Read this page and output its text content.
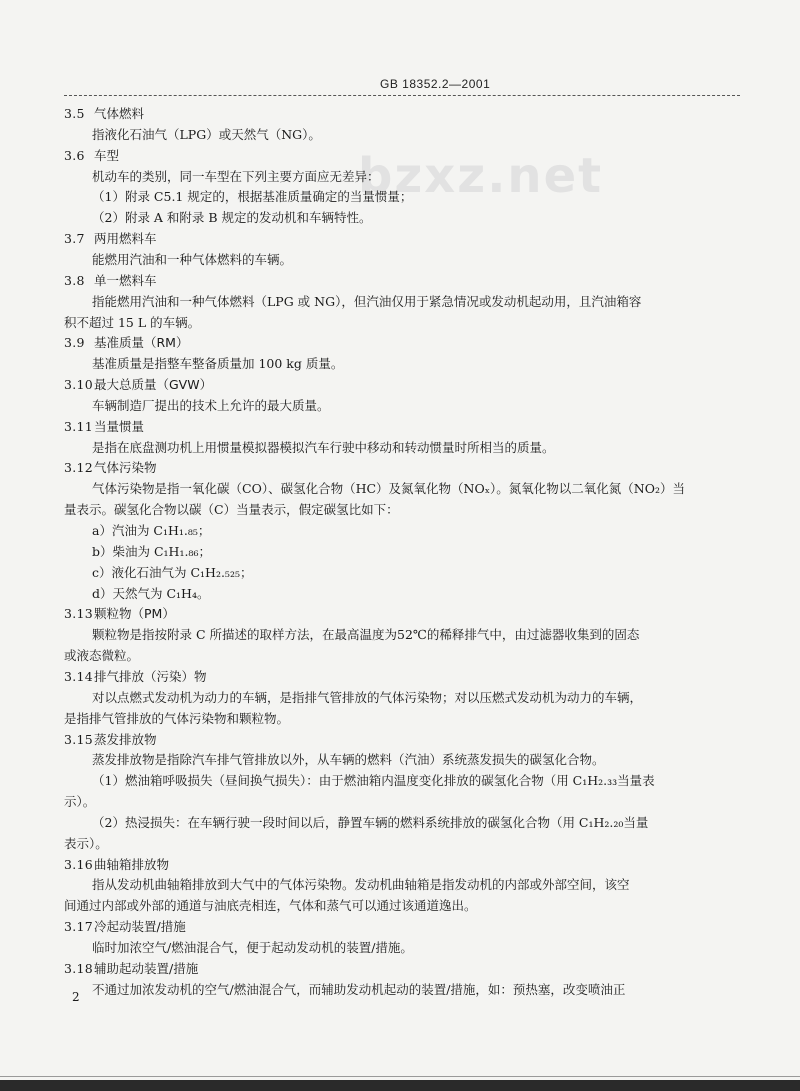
GB 18352.2—2001
bzxz.net
3.5 气体燃料
指液化石油气（LPG）或天然气（NG）。
3.6 车型
机动车的类别，同一车型在下列主要方面应无差异：
（1）附录 C5.1 规定的，根据基准质量确定的当量惯量；
（2）附录 A 和附录 B 规定的发动机和车辆特性。
3.7 两用燃料车
能燃用汽油和一种气体燃料的车辆。
3.8 单一燃料车
指能燃用汽油和一种气体燃料（LPG 或 NG），但汽油仅用于紧急情况或发动机起动用，且汽油箱容
积不超过 15 L 的车辆。
3.9 基准质量（RM）
基准质量是指整车整备质量加 100 kg 质量。
3.10最大总质量（GVW）
车辆制造厂提出的技术上允许的最大质量。
3.11当量惯量
是指在底盘测功机上用惯量模拟器模拟汽车行驶中移动和转动惯量时所相当的质量。
3.12气体污染物
气体污染物是指一氧化碳（CO）、碳氢化合物（HC）及氮氧化物（NOₓ）。氮氧化物以二氧化氮（NO₂）当
量表示。碳氢化合物以碳（C）当量表示，假定碳氢比如下：
a）汽油为 C₁H₁.₈₅；
b）柴油为 C₁H₁.₈₆；
c）液化石油气为 C₁H₂.₅₂₅；
d）天然气为 C₁H₄。
3.13颗粒物（PM）
颗粒物是指按附录 C 所描述的取样方法，在最高温度为52℃的稀释排气中，由过滤器收集到的固态
或液态微粒。
3.14排气排放（污染）物
对以点燃式发动机为动力的车辆，是指排气管排放的气体污染物；对以压燃式发动机为动力的车辆，
是指排气管排放的气体污染物和颗粒物。
3.15蒸发排放物
蒸发排放物是指除汽车排气管排放以外，从车辆的燃料（汽油）系统蒸发损失的碳氢化合物。
（1）燃油箱呼吸损失（昼间换气损失）：由于燃油箱内温度变化排放的碳氢化合物（用 C₁H₂.₃₃当量表
示）。
（2）热浸损失：在车辆行驶一段时间以后，静置车辆的燃料系统排放的碳氢化合物（用 C₁H₂.₂₀当量
表示）。
3.16曲轴箱排放物
指从发动机曲轴箱排放到大气中的气体污染物。发动机曲轴箱是指发动机的内部或外部空间，该空
间通过内部或外部的通道与油底壳相连，气体和蒸气可以通过该通道逸出。
3.17冷起动装置/措施
临时加浓空气/燃油混合气，便于起动发动机的装置/措施。
3.18辅助起动装置/措施
不通过加浓发动机的空气/燃油混合气，而辅助发动机起动的装置/措施，如：预热塞，改变喷油正
2
